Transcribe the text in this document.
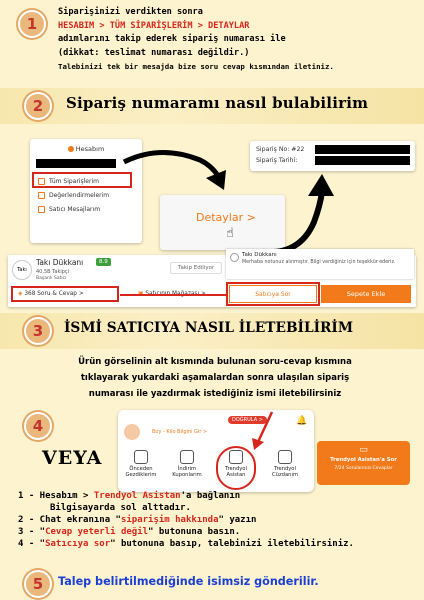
1
Siparişinizi verdikten sonra
HESABIM > TÜM SİPARİŞLERİM > DETAYLAR
adımlarını takip ederek sipariş numarası ile
(dikkat: teslimat numarası değildir.)
Talebinizi tek bir mesajda bize soru cevap kısmından iletiniz.
2	Sipariş numaramı nasıl bulabilirim
Hesabım
Tüm Siparişlerim
Değerlendirmelerim
Satıcı Mesajlarım
Sipariş No: #22
Sipariş Tarihi:
Detaylar >
☝
Takı
Takı Dükkanı	8.9
40,5B Takipçi
Başarılı Satıcı
Takip Ediliyor
Takı Dükkanı
Merhaba notunuz alınmıştır. Bilgi verdiğiniz için teşekkür ederiz.
◈ 368 Soru & Cevap >	Satıcıya Sor	Sepete Ekle
3	İSMİ SATICIYA NASIL İLETEBİLİRİM
Ürün görselinin alt kısmında bulunan soru-cevap kısmına
tıklayarak yukardaki aşamalardan sonra ulaşılan sipariş
numarası ile yazdırmak istediğiniz ismi iletebilirsiniz
4
VEYA
DOĞRULA >	🔔
Boy - Kilo Bilgini Gir >
Önceden Gezdiklerim
İndirim Kuponlarım
Trendyol Asistan
Trendyol Cüzdanım
▭
Trendyol Asistan'a Sor
7/24 Sorularınızı Cevaplar
1 - Hesabım > Trendyol Asistan'a bağlanın
Bilgisayarda sol alttadır.
2 - Chat ekranına "siparişim hakkında" yazın
3 - "Cevap yeterli değil" butonuna basın.
4 - "Satıcıya sor" butonuna basıp, talebinizi iletebilirsiniz.
5	Talep belirtilmediğinde isimsiz gönderilir.
